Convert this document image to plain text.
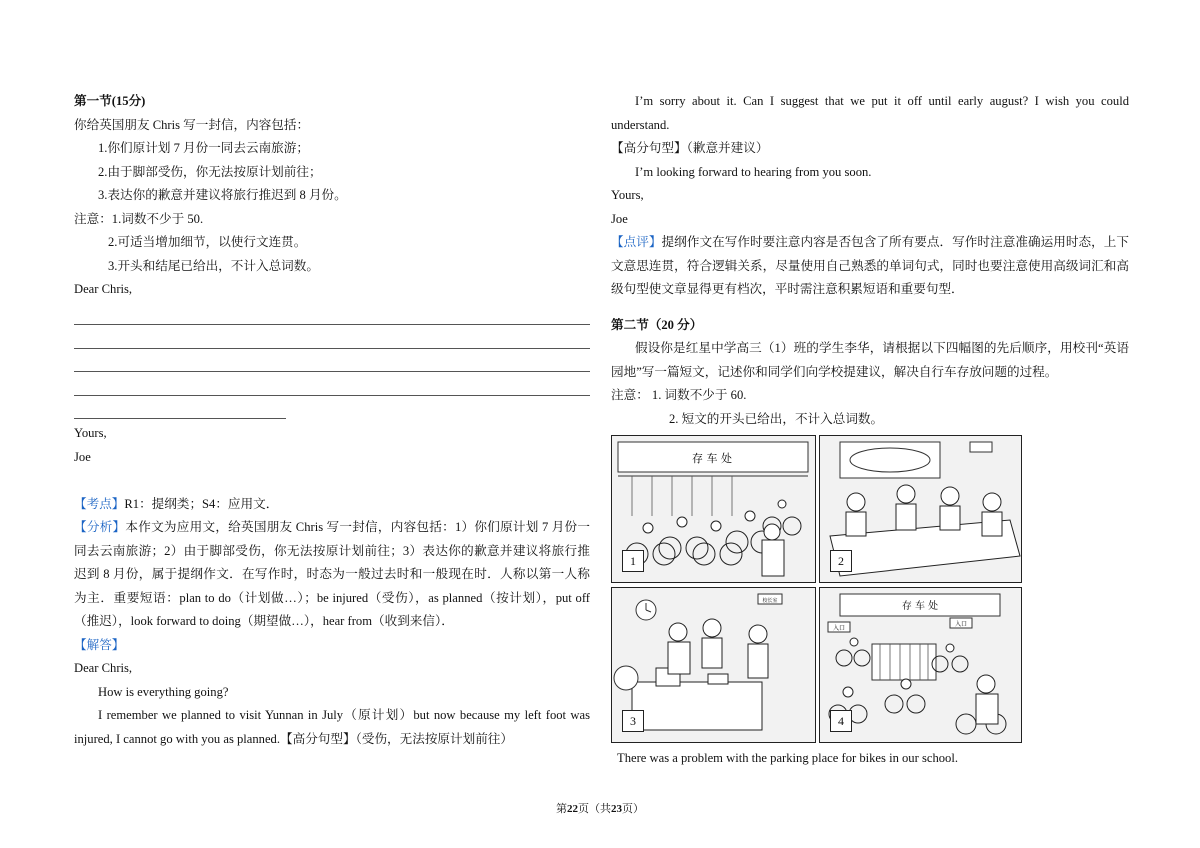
第一节(15分)
你给英国朋友 Chris 写一封信，内容包括：
1.你们原计划 7 月份一同去云南旅游；
2.由于脚部受伤，你无法按原计划前往；
3.表达你的歉意并建议将旅行推迟到 8 月份。
注意：1.词数不少于 50.
2.可适当增加细节，以使行文连贯。
3.开头和结尾已给出，不计入总词数。
Dear Chris,
Yours,
Joe
【考点】R1：提纲类；S4：应用文．
【分析】本作文为应用文，给英国朋友 Chris 写一封信，内容包括：1）你们原计划 7 月份一同去云南旅游；2）由于脚部受伤，你无法按原计划前往；3）表达你的歉意并建议将旅行推迟到 8 月份，属于提纲作文．在写作时，时态为一般过去时和一般现在时．人称以第一人称为主．重要短语：plan to do（计划做…）；be injured（受伤），as planned（按计划），put off （推迟），look forward to doing（期望做…），hear from（收到来信）．
【解答】
Dear Chris,
How is everything going?
I remember we planned to visit Yunnan in July（原计划）but now because my left foot was injured, I cannot go with you as planned.【高分句型】（受伤，无法按原计划前往）
I’m sorry about it. Can I suggest that we put it off until early august? I wish you could understand.
【高分句型】（歉意并建议）
I’m looking forward to hearing from you soon.
Yours,
Joe
【点评】提纲作文在写作时要注意内容是否包含了所有要点．写作时注意准确运用时态，上下文意思连贯，符合逻辑关系，尽量使用自己熟悉的单词句式，同时也要注意使用高级词汇和高级句型使文章显得更有档次，平时需注意积累短语和重要句型．
第二节（20 分）
假设你是红星中学高三（1）班的学生李华，请根据以下四幅图的先后顺序，用校刊“英语园地”写一篇短文，记述你和同学们向学校提建议，解决自行车存放问题的过程。
注意： 1. 词数不少于 60.
2. 短文的开头已给出，不计入总词数。
存 车 处
1	2
校长室
3
存 车 处
入口
入口
4
There was a problem with the parking place for bikes in our school.
第22页（共23页）
